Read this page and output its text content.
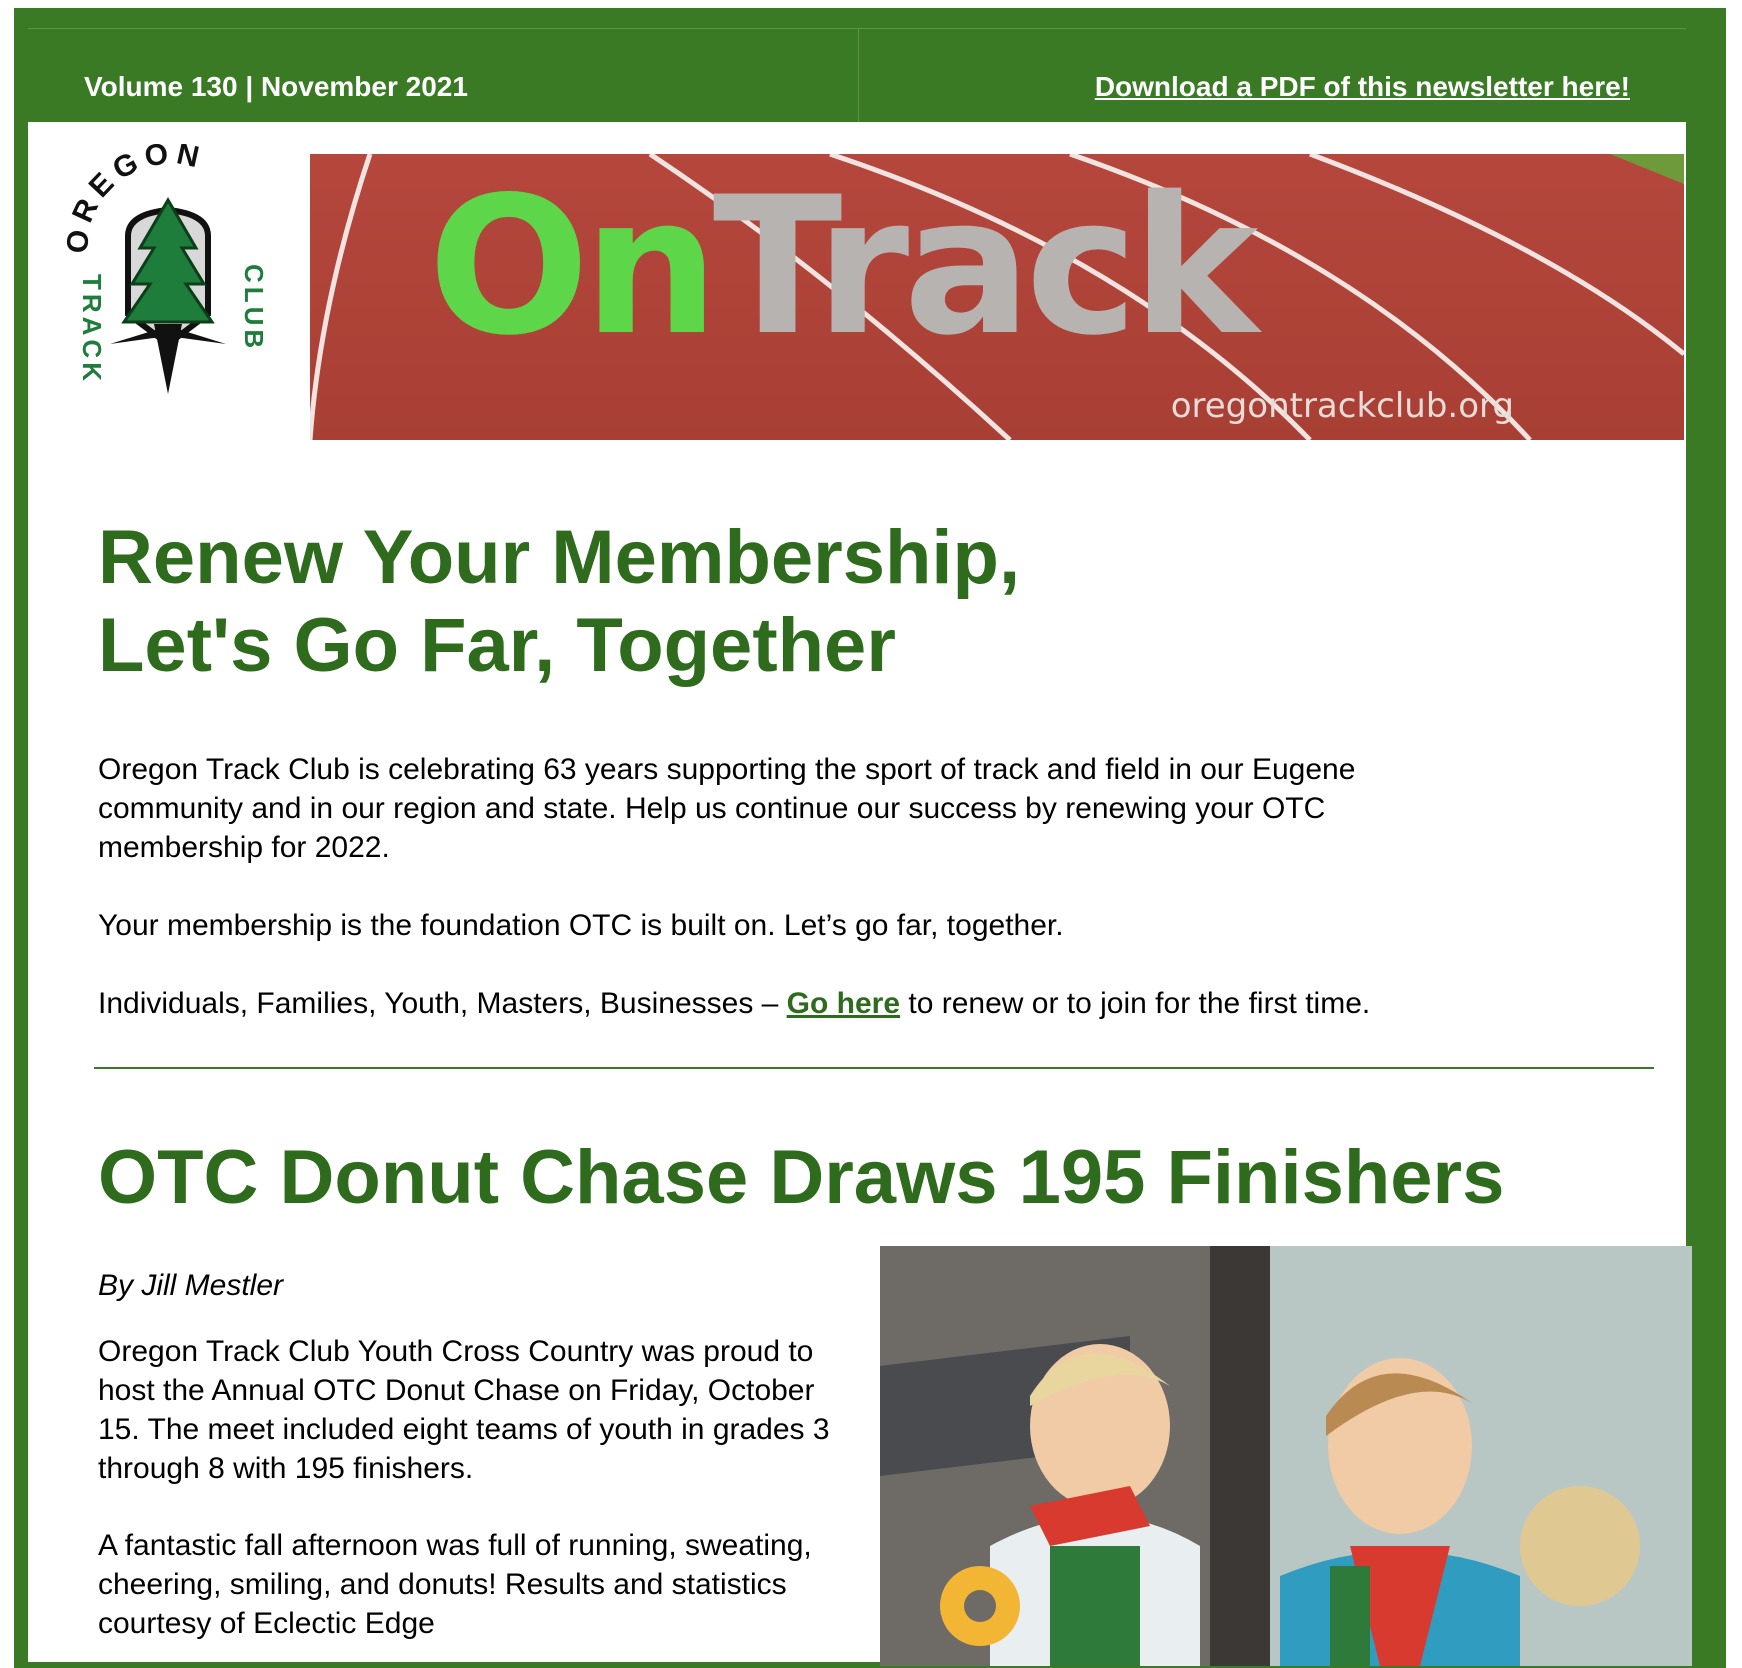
Volume 130 | November 2021	Download a PDF of this newsletter here!
OREGON
TRACK	CLUB OnTrack
oregontrackclub.org
Renew Your Membership,
Let's Go Far, Together

Oregon Track Club is celebrating 63 years supporting the sport of track and field in our Eugene community and in our region and state. Help us continue our success by renewing your OTC membership for 2022.

Your membership is the foundation OTC is built on. Let’s go far, together.

Individuals, Families, Youth, Masters, Businesses – Go here to renew or to join for the first time.

OTC Donut Chase Draws 195 Finishers

By Jill Mestler

Oregon Track Club Youth Cross Country was proud to host the Annual OTC Donut Chase on Friday, October 15. The meet included eight teams of youth in grades 3 through 8 with 195 finishers.

A fantastic fall afternoon was full of running, sweating, cheering, smiling, and donuts! Results and statistics courtesy of Eclectic Edge
